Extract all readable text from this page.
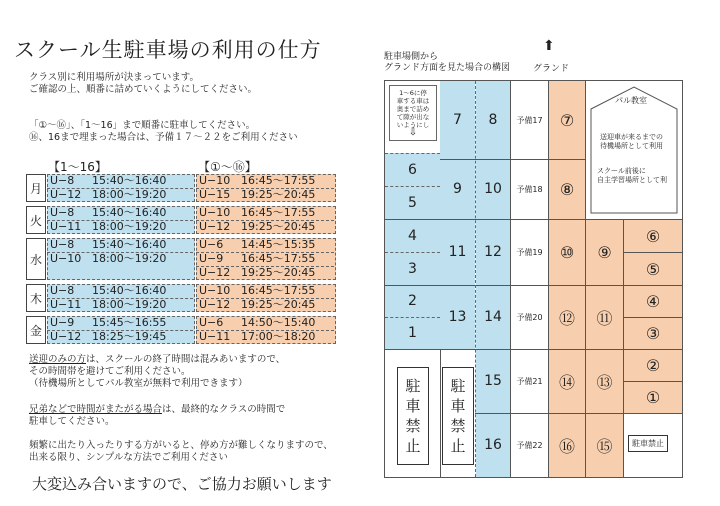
スクール生駐車場の利用の仕方
クラス別に利用場所が決まっています。
ご確認の上、順番に詰めていくようにしてください。
「①〜⑯」、「1〜16」まで順番に駐車してください。
⑯、16まで埋まった場合は、予備１７〜２２をご利用ください
【1〜16】	【①〜⑯】
月
U−8 15:40〜16:40
U−12 18:00〜19:20
U−10 16:45〜17:55
U−15 19:25〜20:45
火
U−8 15:40〜16:40
U−11 18:00〜19:20
U−10 16:45〜17:55
U−12 19:25〜20:45
水
U−8 15:40〜16:40
U−10 18:00〜19:20
U−6 14:45〜15:35
U−9 16:45〜17:55
U−12 19:25〜20:45
木
U−8 15:40〜16:40
U−11 18:00〜19:20
U−10 16:45〜17:55
U−12 19:25〜20:45
金
U−9 15:45〜16:55
U−12 18:25〜19:45
U−6 14:50〜15:40
U−11 17:00〜18:20
送迎のみの方は、スクールの終了時間は混みあいますので、
その時間帯を避けてご利用ください。
（待機場所としてパル教室が無料で利用できます）
兄弟などで時間がまたがる場合は、最終的なクラスの時間で
駐車してください。
頻繁に出たり入ったりする方がいると、停め方が難しくなりますので、
出来る限り、シンプルな方法でご利用ください
大変込み合いますので、ご協力お願いします
駐車場側から
グランド方面を見た場合の構図
⬆
グランド
1〜6に停
車する車は
奥まで詰め
て隙が出な
いようにし
⇩
6
5
4
3
2
1
駐
車
禁
止
7
9
11
13
駐
車
禁
止
8
10
12
14
15
16
予備17
予備18
予備19
予備20
予備21
予備22
⑦
⑧
⑩
⑫
⑭
⑯
パル教室
送迎車が来るまでの
待機場所として利用
スクール前後に
自主学習場所として利
⑨
⑪
⑬
⑮
⑥
⑤
④
③
②
①
駐車禁止
